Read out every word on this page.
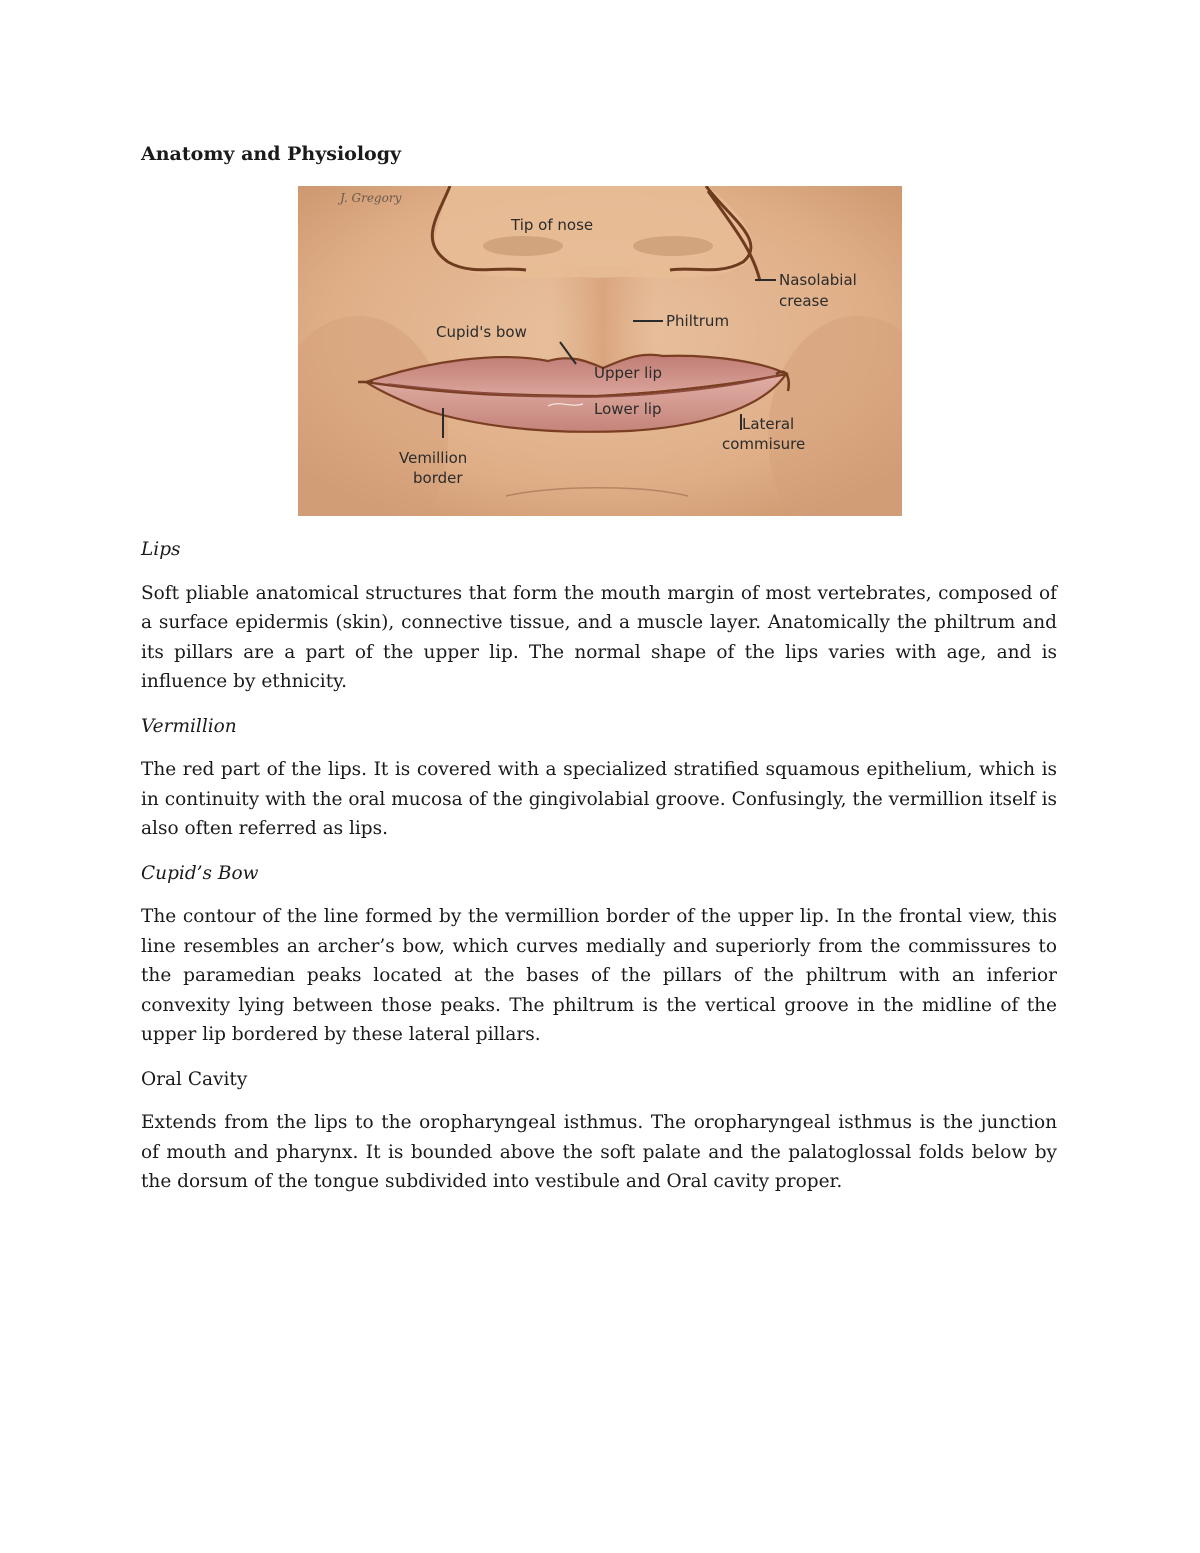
Anatomy and Physiology
J. Gregory
Tip of nose
Nasolabial
crease
Philtrum
Cupid's bow
Upper lip
Lower lip
Lateral
commisure
Vemillion
border

Lips

Soft pliable anatomical structures that form the mouth margin of most vertebrates, composed of a surface epidermis (skin), connective tissue, and a muscle layer. Anatomically the philtrum and its pillars are a part of the upper lip. The normal shape of the lips varies with age, and is influence by ethnicity.

Vermillion

The red part of the lips. It is covered with a specialized stratified squamous epithelium, which is in continuity with the oral mucosa of the gingivolabial groove. Confusingly, the vermillion itself is also often referred as lips.

Cupid’s Bow

The contour of the line formed by the vermillion border of the upper lip. In the frontal view, this line resembles an archer’s bow, which curves medially and superiorly from the commissures to the paramedian peaks located at the bases of the pillars of the philtrum with an inferior convexity lying between those peaks. The philtrum is the vertical groove in the midline of the upper lip bordered by these lateral pillars.

Oral Cavity

Extends from the lips to the oropharyngeal isthmus. The oropharyngeal isthmus is the junction of mouth and pharynx. It is bounded above the soft palate and the palatoglossal folds below by the dorsum of the tongue subdivided into vestibule and Oral cavity proper.
